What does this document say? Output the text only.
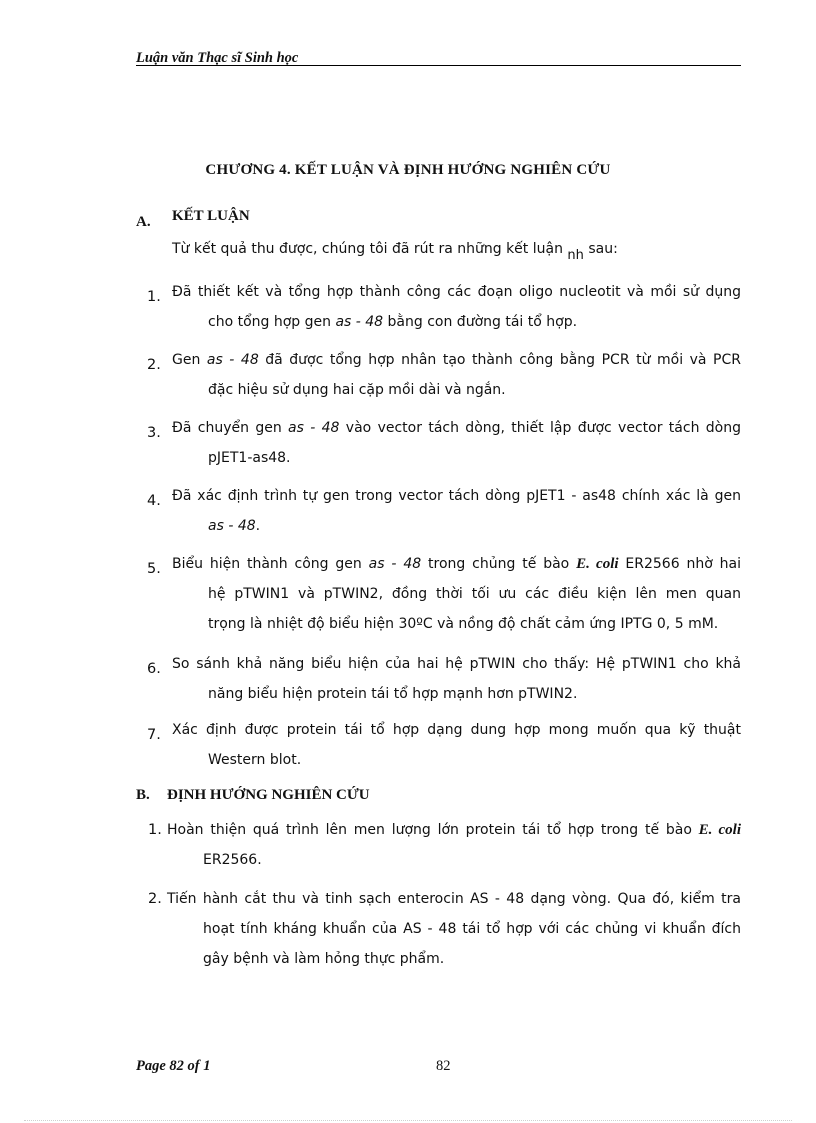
Luận văn Thạc sĩ Sinh học
CHƯƠNG 4. KẾT LUẬN VÀ ĐỊNH HƯỚNG NGHIÊN CỨU
A. KẾT LUẬN
Từ kết quả thu được, chúng tôi đã rút ra những kết luận nh sau:
1. Đã thiết kết và tổng hợp thành công các đoạn oligo nucleotit và mồi sử dụng
cho tổng hợp gen as - 48 bằng con đường tái tổ hợp.
2. Gen as - 48 đã được tổng hợp nhân tạo thành công bằng PCR từ mồi và PCR
đặc hiệu sử dụng hai cặp mồi dài và ngắn.
3. Đã chuyển gen as - 48 vào vector tách dòng, thiết lập được vector tách dòng
pJET1-as48.
4. Đã xác định trình tự gen trong vector tách dòng pJET1 - as48 chính xác là gen
as - 48.
5. Biểu hiện thành công gen as - 48 trong chủng tế bào E. coli ER2566 nhờ hai
hệ pTWIN1 và pTWIN2, đồng thời tối ưu các điều kiện lên men quan
trọng là nhiệt độ biểu hiện 30ºC và nồng độ chất cảm ứng IPTG 0, 5 mM.
6. So sánh khả năng biểu hiện của hai hệ pTWIN cho thấy: Hệ pTWIN1 cho khả
năng biểu hiện protein tái tổ hợp mạnh hơn pTWIN2.
7. Xác định được protein tái tổ hợp dạng dung hợp mong muốn qua kỹ thuật
Western blot.
B. ĐỊNH HƯỚNG NGHIÊN CỨU
1. Hoàn thiện quá trình lên men lượng lớn protein tái tổ hợp trong tế bào E. coli
ER2566.
2. Tiến hành cắt thu và tinh sạch enterocin AS - 48 dạng vòng. Qua đó, kiểm tra
hoạt tính kháng khuẩn của AS - 48 tái tổ hợp với các chủng vi khuẩn đích
gây bệnh và làm hỏng thực phẩm.
Page 82 of 1	82
